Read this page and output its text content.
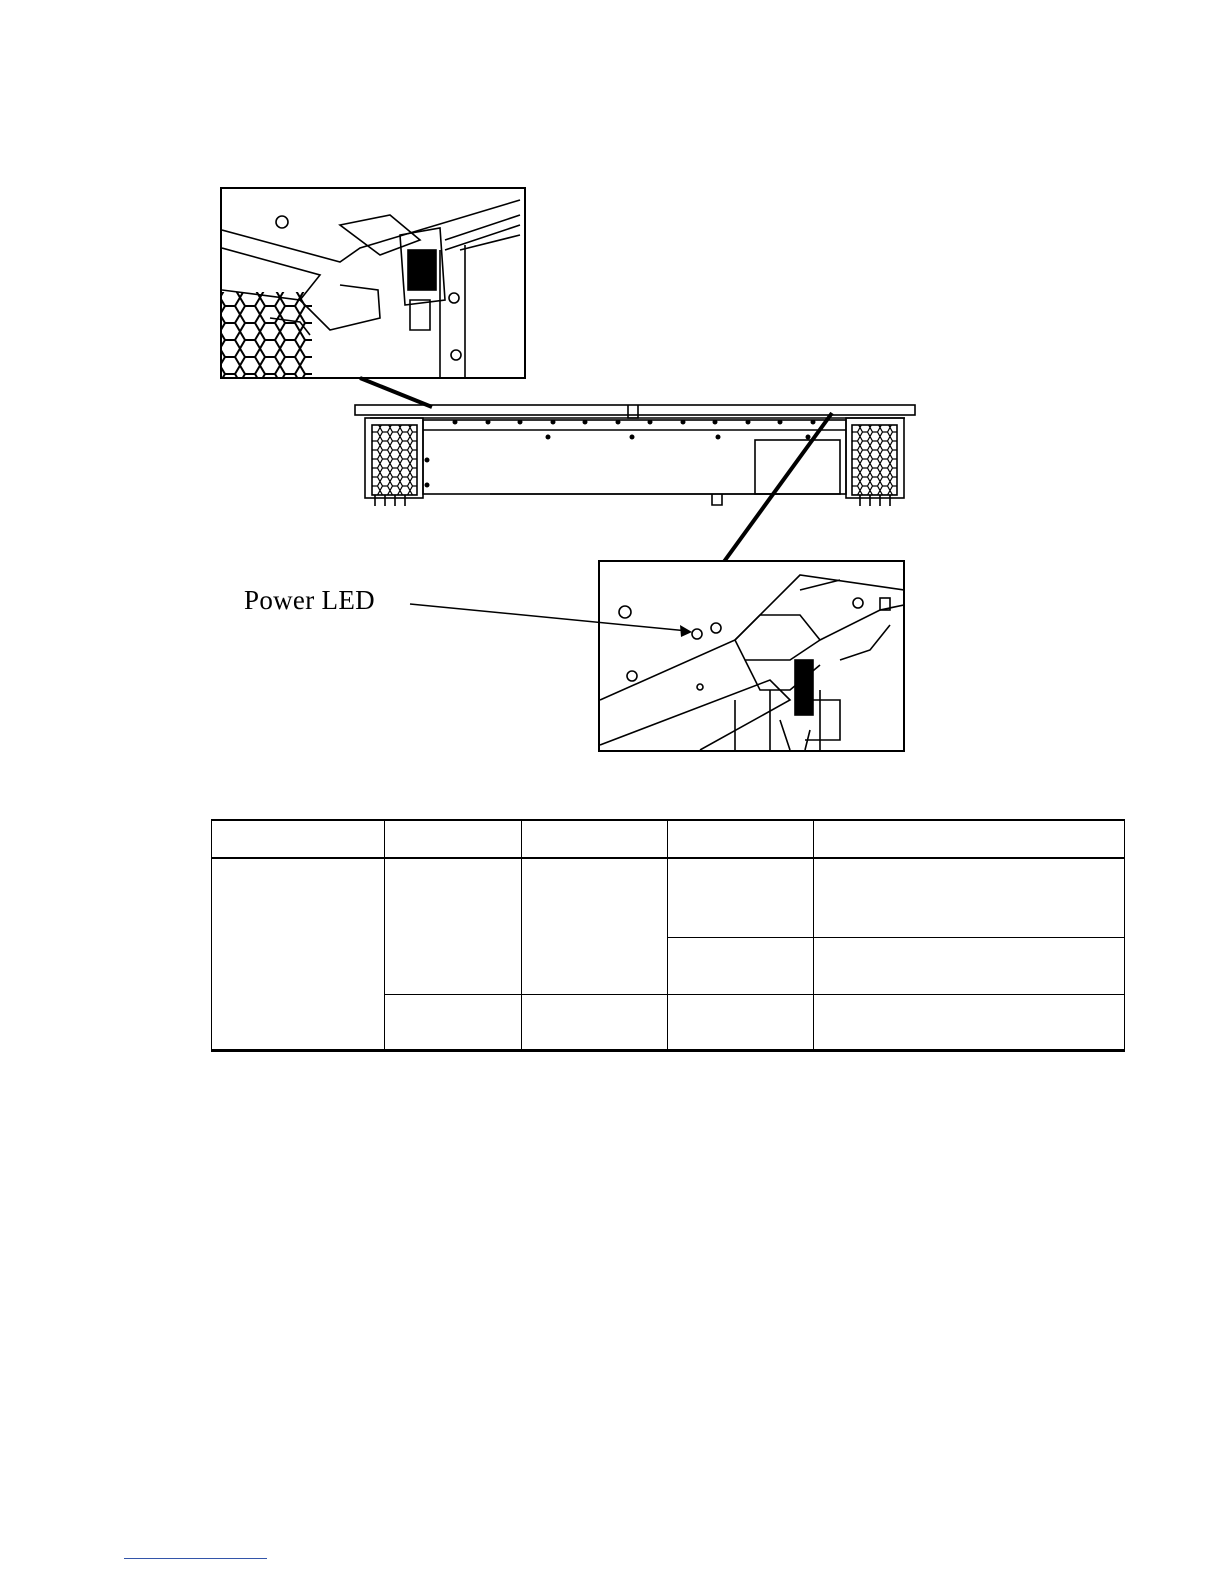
Power LED
